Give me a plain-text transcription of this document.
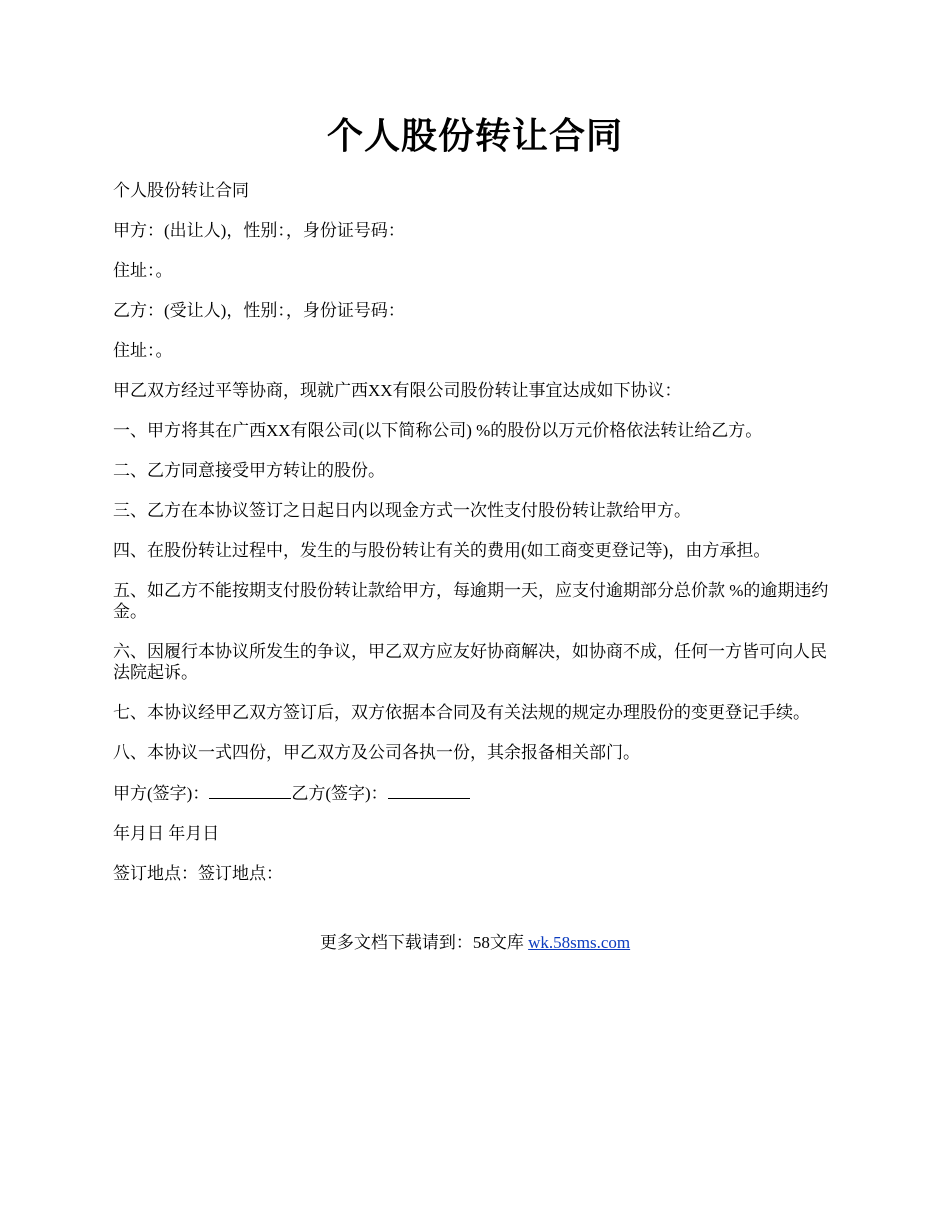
个人股份转让合同

个人股份转让合同

甲方：(出让人)，性别：，身份证号码：

住址：。

乙方：(受让人)，性别：，身份证号码：

住址：。

甲乙双方经过平等协商，现就广西XX有限公司股份转让事宜达成如下协议：

一、甲方将其在广西XX有限公司(以下简称公司) %的股份以万元价格依法转让给乙方。

二、乙方同意接受甲方转让的股份。

三、乙方在本协议签订之日起日内以现金方式一次性支付股份转让款给甲方。

四、在股份转让过程中，发生的与股份转让有关的费用(如工商变更登记等)，由方承担。

五、如乙方不能按期支付股份转让款给甲方，每逾期一天，应支付逾期部分总价款 %的逾期违约金。

六、因履行本协议所发生的争议，甲乙双方应友好协商解决，如协商不成，任何一方皆可向人民法院起诉。

七、本协议经甲乙双方签订后，双方依据本合同及有关法规的规定办理股份的变更登记手续。

八、本协议一式四份，甲乙双方及公司各执一份，其余报备相关部门。

甲方(签字)：	乙方(签字)：

年月日 年月日

签订地点：签订地点：

更多文档下载请到：58文库 wk.58sms.com
